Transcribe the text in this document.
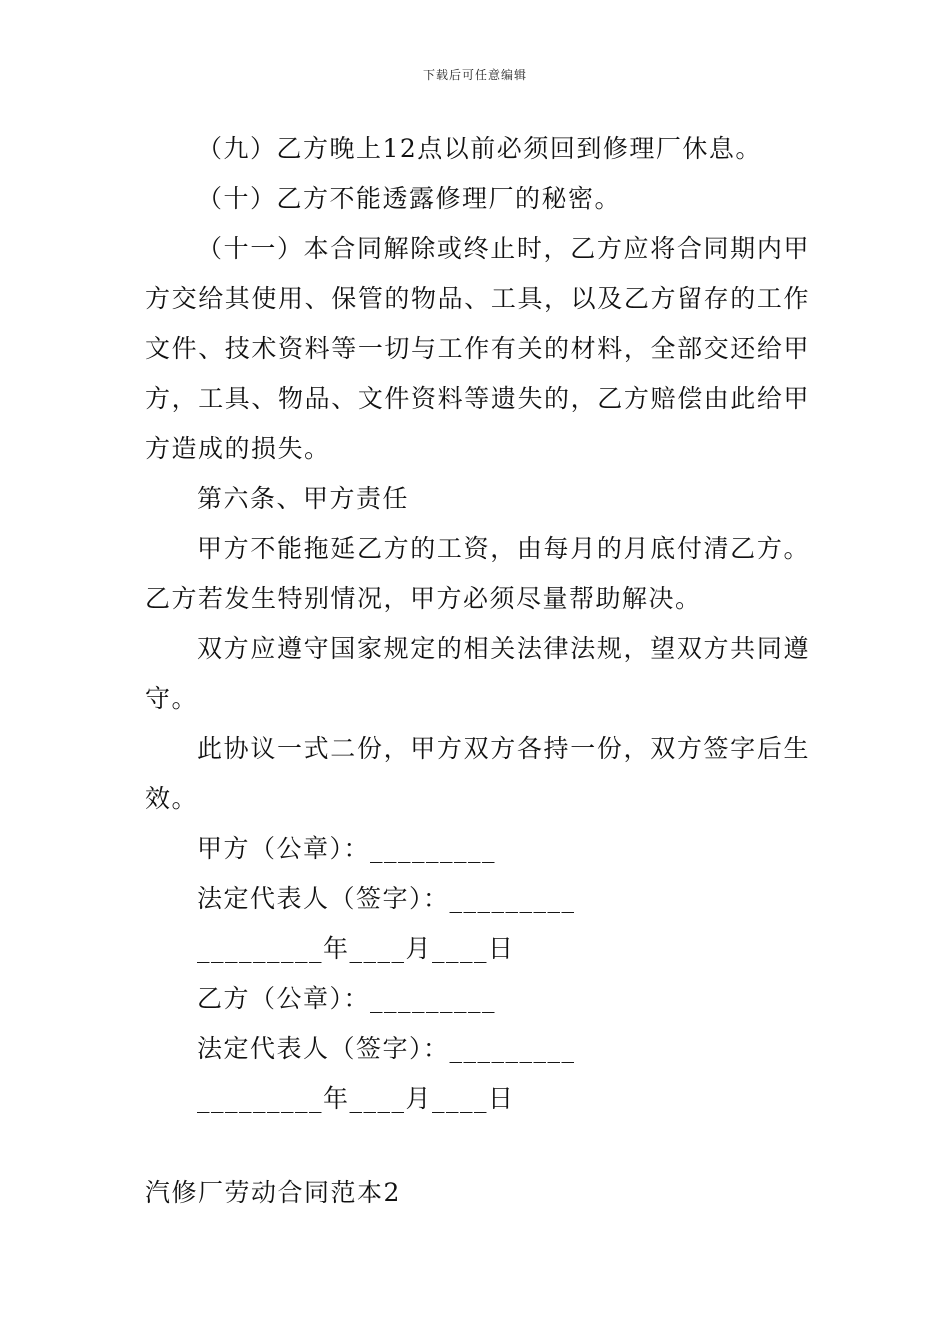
下载后可任意编辑

（九）乙方晚上12点以前必须回到修理厂休息。

（十）乙方不能透露修理厂的秘密。

（十一）本合同解除或终止时，乙方应将合同期内甲方交给其使用、保管的物品、工具，以及乙方留存的工作文件、技术资料等一切与工作有关的材料，全部交还给甲方，工具、物品、文件资料等遗失的，乙方赔偿由此给甲方造成的损失。

第六条、甲方责任

甲方不能拖延乙方的工资，由每月的月底付清乙方。乙方若发生特别情况，甲方必须尽量帮助解决。

双方应遵守国家规定的相关法律法规，望双方共同遵守。

此协议一式二份，甲方双方各持一份，双方签字后生效。

甲方（公章）：_________

法定代表人（签字）：_________

_________年____月____日

乙方（公章）：_________

法定代表人（签字）：_________

_________年____月____日

汽修厂劳动合同范本2
